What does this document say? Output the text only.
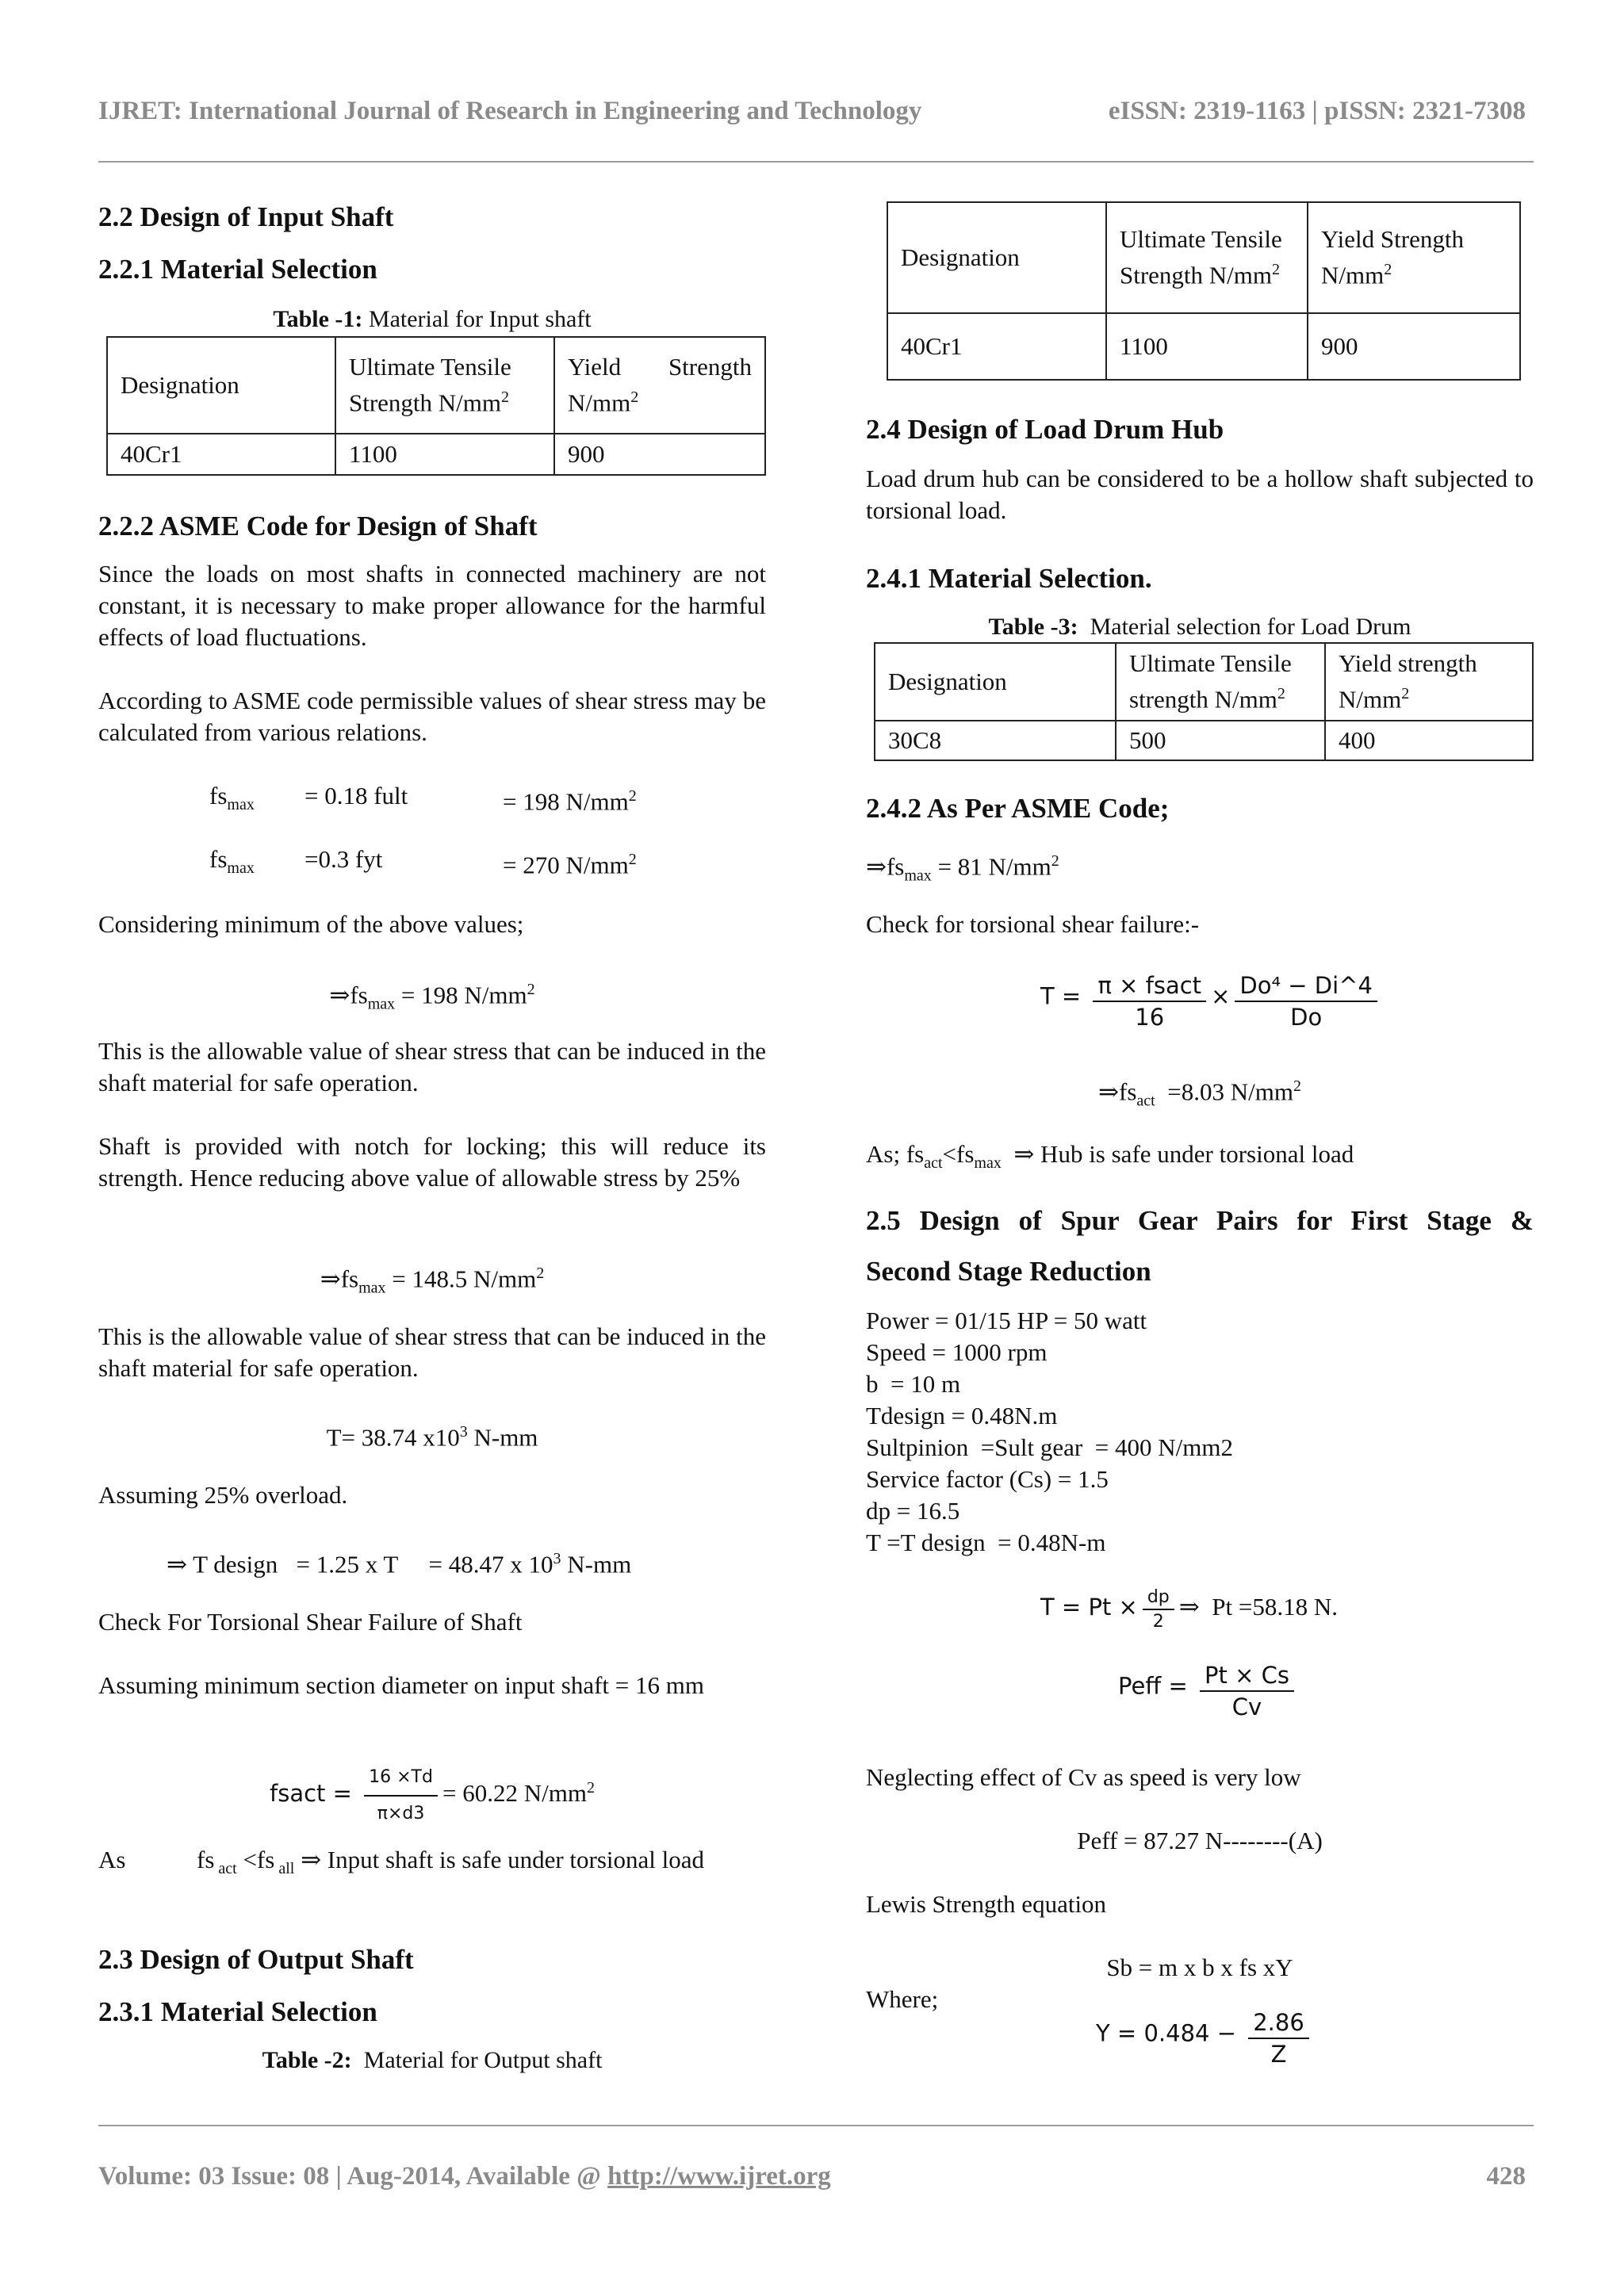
IJRET: International Journal of Research in Engineering and Technology	eISSN: 2319-1163 | pISSN: 2321-7308
2.2 Design of Input Shaft
2.2.1 Material Selection
Table -1: Material for Input shaft
Designation	Ultimate Tensile Strength $N/mm^2$	Yield Strength $N/mm^2$
40Cr1	1100	900
2.2.2 ASME Code for Design of Shaft
Since the loads on most shafts in connected machinery are not constant, it is necessary to make proper allowance for the harmful effects of load fluctuations.
According to ASME code permissible values of shear stress may be calculated from various relations.
$fs_{max} = 0.18$ fult	= 198 $N/mm^2$
$fs_{max} =0.3$ fyt	= 270 $N/mm^2$
Considering minimum of the above values;
$\Rightarrow fs_{max} = 198$ $N/mm^2$
This is the allowable value of shear stress that can be induced in the shaft material for safe operation.
Shaft is provided with notch for locking; this will reduce its strength. Hence reducing above value of allowable stress by 25%
$\Rightarrow fs_{max} = 148.5$ $N/mm^2$
This is the allowable value of shear stress that can be induced in the shaft material for safe operation.
T= 38.74 $x10^3$ N-mm
Assuming 25% overload.
⇒ T design   = 1.25 x T     = 48.47 x $10^3$ N-mm
Check For Torsional Shear Failure of Shaft
Assuming minimum section diameter on input shaft = 16 mm
fsact = $\frac{16 \times Td}{\pi\times d3} = 60.22$ $N/mm^2$
As	fs $_{act}$ <fs $_{all}$ ⇒ Input shaft is safe under torsional load
2.3 Design of Output Shaft
2.3.1 Material Selection
Table -2:  Material for Output shaft
Designation	Ultimate Tensile Strength $N/mm^2$	Yield Strength $N/mm^2$
40Cr1	1100	900
2.4 Design of Load Drum Hub
Load drum hub can be considered to be a hollow shaft subjected to torsional load.
2.4.1 Material Selection.
Table -3:  Material selection for Load Drum
Designation	Ultimate Tensile strength $N/mm^2$	Yield strength $N/mm^2$
30C8	500	400
2.4.2 As Per ASME Code;
$\Rightarrow fs_{max} = 81$ $N/mm^2$
Check for torsional shear failure:-
$T = \frac{\text{π × fsact}}{16} \times \frac{\text{Do⁴ − Di\textasciicircum{}4}}{Do}$
$\Rightarrow fs_{act} =8.03$ $N/mm^2$
As; $fs_{act}<fs_{max}$  ⇒ Hub is safe under torsional load
2.5 Design of Spur Gear Pairs for First Stage &
Second Stage Reduction
Power = 01/15 HP = 50 watt
Speed = 1000 rpm
b  = 10 m
Tdesign = 0.48N.m
Sultpinion  =Sult gear  = 400 N/mm2
Service factor (Cs) = 1.5
dp = 16.5
T =T design  = 0.48N-m
$T = Pt \times \frac{dp}{2}$ ⇒  Pt =58.18 N.
Peff = $\frac{Pt \times Cs}{Cv}$
Neglecting effect of Cv as speed is very low
Peff = 87.27 N--------(A)
Lewis Strength equation
Sb = m x b x fs xY
Where;
$Y = 0.484 - \frac{2.86}{Z}$
Volume: 03 Issue: 08 | Aug-2014, Available @ http://www.ijret.org	428
